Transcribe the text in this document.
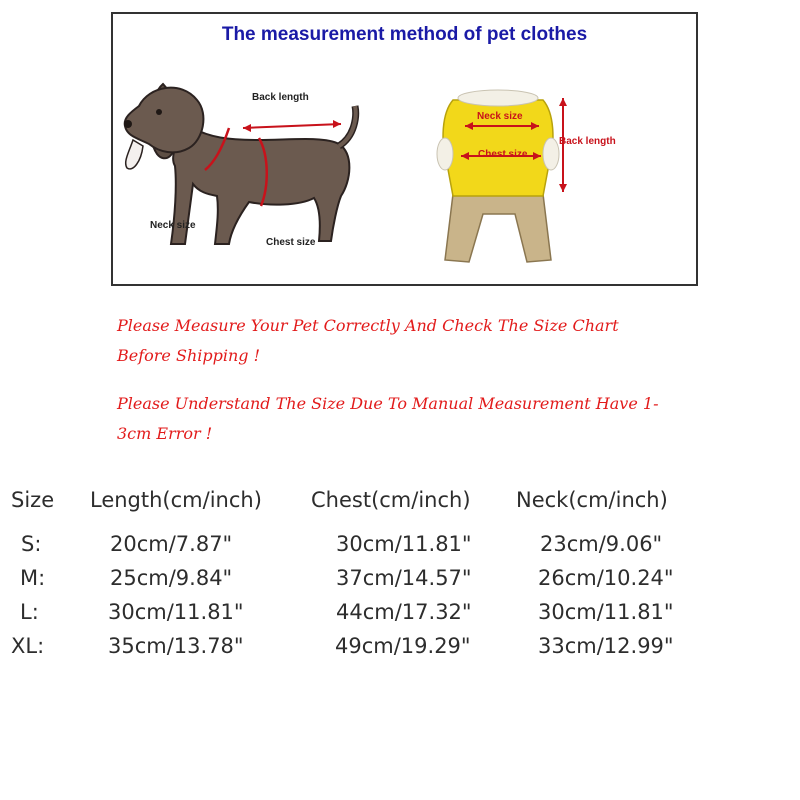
The measurement method of pet clothes
Back length
Neck size
Chest size
Neck size
Chest size
Back length
Please Measure Your Pet Correctly And Check The Size Chart Before Shipping !
Please Understand The Size Due To Manual Measurement Have 1-3cm Error !
Size Length(cm/inch) Chest(cm/inch) Neck(cm/inch)
S:	20cm/7.87"	30cm/11.81"	23cm/9.06"
M:	25cm/9.84"	37cm/14.57"	26cm/10.24"
L:	30cm/11.81"	44cm/17.32"	30cm/11.81"
XL:	35cm/13.78"	49cm/19.29"	33cm/12.99"
